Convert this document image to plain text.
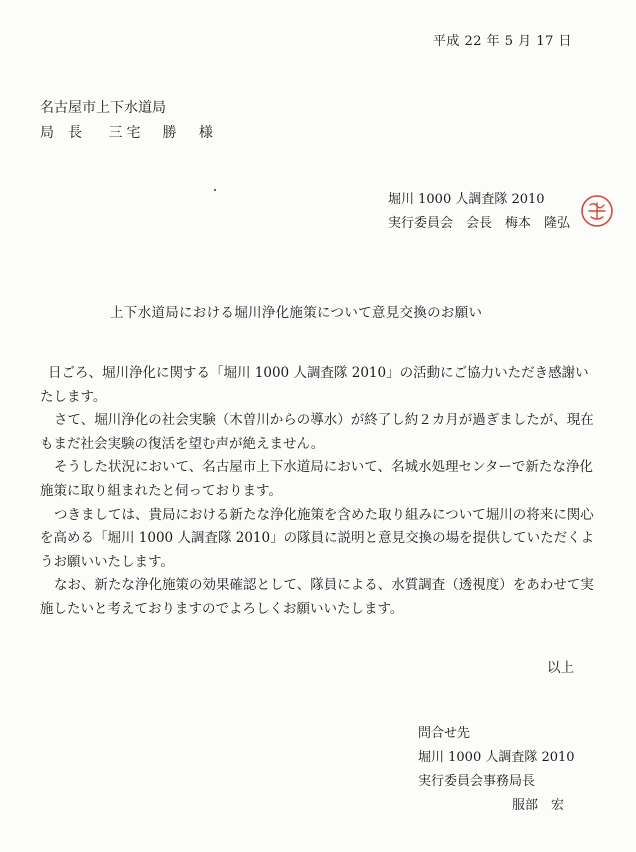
平成 22 年 5 月 17 日
名古屋市上下水道局
局　長 三宅　勝 様
堀川 1000 人調査隊 2010
実行委員会　会長　梅本　隆弘
上下水道局における堀川浄化施策について意見交換のお願い

日ごろ、堀川浄化に関する「堀川 1000 人調査隊 2010」の活動にご協力いただき感謝いたします。

さて、堀川浄化の社会実験（木曽川からの導水）が終了し約２カ月が過ぎましたが、現在もまだ社会実験の復活を望む声が絶えません。

そうした状況において、名古屋市上下水道局において、名城水処理センターで新たな浄化施策に取り組まれたと伺っております。

つきましては、貴局における新たな浄化施策を含めた取り組みについて堀川の将来に関心を高める「堀川 1000 人調査隊 2010」の隊員に説明と意見交換の場を提供していただくようお願いいたします。

なお、新たな浄化施策の効果確認として、隊員による、水質調査（透視度）をあわせて実施したいと考えておりますのでよろしくお願いいたします。

以上
問合せ先
堀川 1000 人調査隊 2010
実行委員会事務局長
服部　宏
